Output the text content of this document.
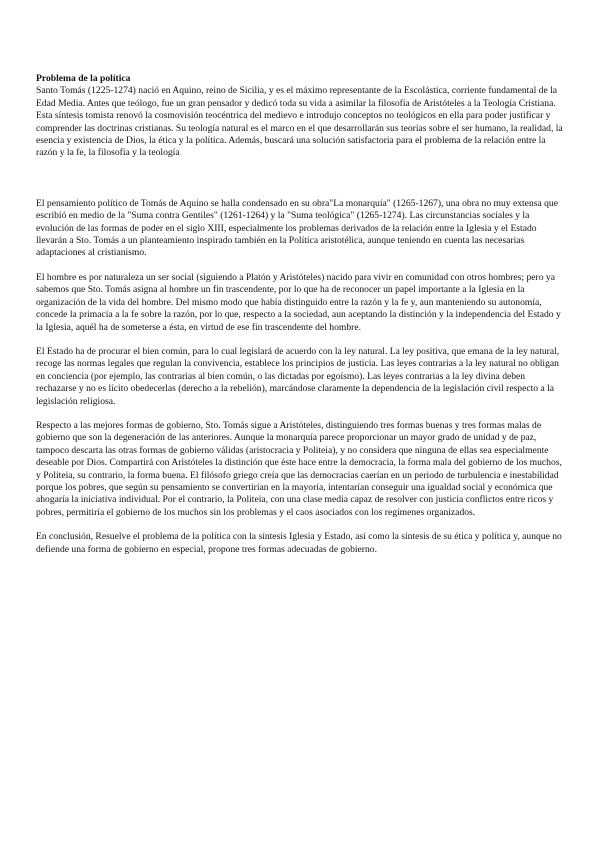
Problema de la política

Santo Tomás (1225-1274) nació en Aquino, reino de Sicilia, y es el máximo representante de la Escolástica, corriente fundamental de la Edad Media. Antes que teólogo, fue un gran pensador y dedicó toda su vida a asimilar la filosofía de Aristóteles a la Teología Cristiana. Esta síntesis tomista renovó la cosmovisión teocéntrica del medievo e introdujo conceptos no teológicos en ella para poder justificar y comprender las doctrinas cristianas. Su teología natural es el marco en el que desarrollarán sus teorías sobre el ser humano, la realidad, la esencia y existencia de Dios, la ética y la política. Además, buscará una solución satisfactoria para el problema de la relación entre la razón y la fe, la filosofía y la teología

El pensamiento político de Tomás de Aquino se halla condensado en su obra"La monarquía" (1265-1267), una obra no muy extensa que escribió en medio de la "Suma contra Gentiles" (1261-1264) y la "Suma teológica" (1265-1274). Las circunstancias sociales y la evolución de las formas de poder en el siglo XIII, especialmente los problemas derivados de la relación entre la Iglesia y el Estado llevarán a Sto. Tomás a un planteamiento inspirado también en la Política aristotélica, aunque teniendo en cuenta las necesarias adaptaciones al cristianismo.

El hombre es por naturaleza un ser social (siguiendo a Platón y Aristóteles) nacido para vivir en comunidad con otros hombres; pero ya sabemos que Sto. Tomás asigna al hombre un fin trascendente, por lo que ha de reconocer un papel importante a la Iglesia en la organización de la vida del hombre. Del mismo modo que había distinguido entre la razón y la fe y, aun manteniendo su autonomía, concede la primacía a la fe sobre la razón, por lo que, respecto a la sociedad, aun aceptando la distinción y la independencia del Estado y la Iglesia, aquél ha de someterse a ésta, en virtud de ese fin trascendente del hombre.

El Estado ha de procurar el bien común, para lo cual legislará de acuerdo con la ley natural. La ley positiva, que emana de la ley natural, recoge las normas legales que regulan la convivencia, establece los principios de justicia. Las leyes contrarias a la ley natural no obligan en conciencia (por ejemplo, las contrarias al bien común, o las dictadas por egoísmo). Las leyes contrarias a la ley divina deben rechazarse y no es lícito obedecerlas (derecho a la rebelión), marcándose claramente la dependencia de la legislación civil respecto a la legislación religiosa.

Respecto a las mejores formas de gobierno, Sto. Tomás sigue a Aristóteles, distinguiendo tres formas buenas y tres formas malas de gobierno que son la degeneración de las anteriores. Aunque la monarquía parece proporcionar un mayor grado de unidad y de paz, tampoco descarta las otras formas de gobierno válidas (aristocracia y Politeia), y no considera que ninguna de ellas sea especialmente deseable por Dios. Compartirá con Aristóteles la distinción que éste hace entre la democracia, la forma mala del gobierno de los muchos, y Politeia, su contrario, la forma buena. El filósofo griego creía que las democracias caerían en un periodo de turbulencia e inestabilidad porque los pobres, que según su pensamiento se convertirían en la mayoría, intentarían conseguir una igualdad social y económica que ahogaría la iniciativa individual. Por el contrario, la Politeia, con una clase media capaz de resolver con justicia conflictos entre ricos y pobres, permitiría el gobierno de los muchos sin los problemas y el caos asociados con los regímenes organizados.

En conclusión, Resuelve el problema de la política con la síntesis Iglesia y Estado, así como la síntesis de su ética y política y, aunque no defiende una forma de gobierno en especial, propone tres formas adecuadas de gobierno.
